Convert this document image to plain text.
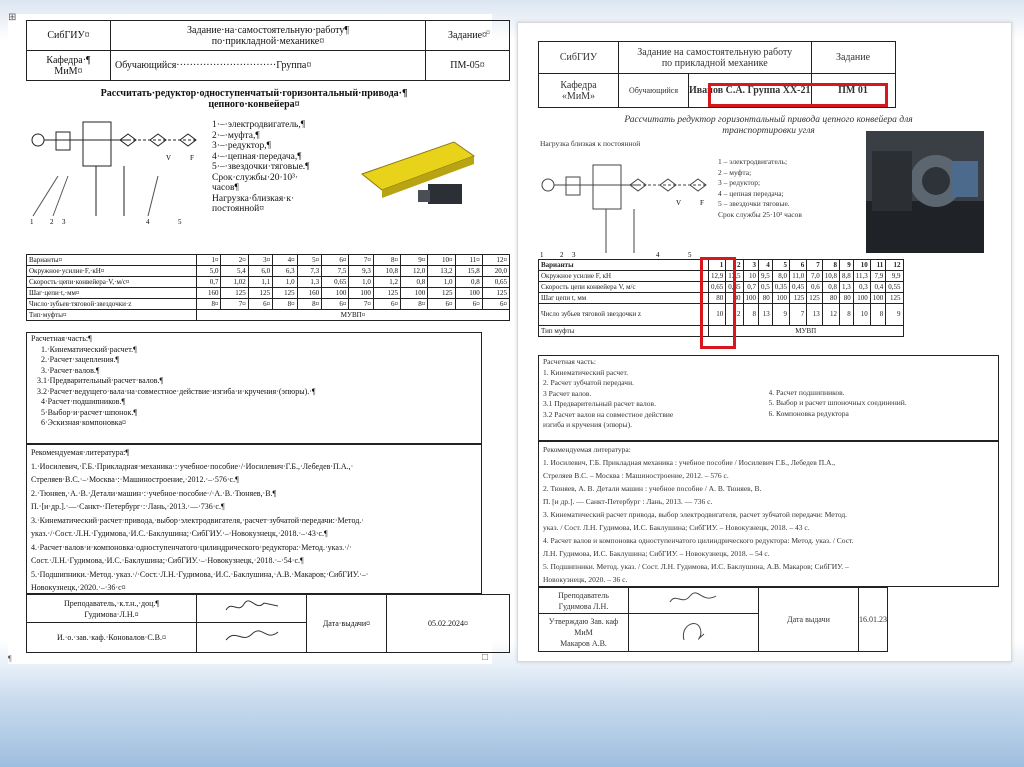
⊞
СибГИУ¤	Задание·на·самостоятельную·работу¶
по·прикладной·механике¤	Задание¤

Кафедра·¶
МиМ¤	Обучающийся······························Группа¤	ПМ-05¤
Рассчитать·редуктор·одноступенчатый·горизонтальный·привода·¶
цепного·конвейера¤
1 2 3	4	5
V	F
1·–·электродвигатель,¶
2·–·муфта,¶
3·–·редуктор,¶
4·–·цепная·передача,¶
5·–·звездочки·тяговые.¶
Срок·службы·20·10³·
часов¶
Нагрузка·близкая·к·
постоянной¤
Варианты¤	1¤	2¤	3¤	4¤	5¤	6¤	7¤	8¤	9¤	10¤	11¤	12¤
Окружное·усилие·F,·кН¤	5,0	5,4	6,0	6,3	7,3	7,5	9,3	10,8	12,0	13,2	15,8	20,0
Скорость·цепи·конвейера·V,·м/с¤	0,7	1,02	1,1	1,0	1,3	0,65	1,0	1,2	0,8	1,0	0,8	0,65
Шаг·цепи·t,·мм¤	160	125	125	125	160	100	100	125	100	125	100	125
Число·зубьев·тяговой·звездочки·z	8¤	7¤	6¤	8¤	8¤	6¤	7¤	6¤	8¤	6¤	6¤	6¤
Тип·муфты¤	МУВП¤											
Расчетная·часть:¶
1.·Кинематический·расчет.¶
2.·Расчет·зацепления.¶
3.·Расчет·валов.¶
3.1·Предварительный·расчет·валов.¶
3.2·Расчет·ведущего·вала·на·совместное·действие·изгиба·и·кручения·(эпюры).·¶
4·Расчет·подшипников.¶
5·Выбор·и·расчет·шпонок.¶
6·Эскизная·компоновка¤
Рекомендуемая·литература:¶
1.·Иосилевич,·Г.Б.·Прикладная·механика·:·учебное·пособие·/·Иосилевич·Г.Б.,·Лебедев·П.А.,·
Стреляев·В.С.·–·Москва·:·Машиностроение,·2012.·–·576·с.¶
2.·Тюняев,·А.·В.·Детали·машин·:·учебное·пособие·/·А.·В.·Тюняев,·В.¶
П.·[и·др.].·—·Санкт-·Петербург·:·Лань,·2013.·—·736·с.¶
3.·Кинематический·расчет·привода,·выбор·электродвигателя,·расчет·зубчатой·передачи:·Метод.·
указ.·/·Сост.·Л.Н.·Гудимова,·И.С.·Баклушина;·СибГИУ.·–·Новокузнецк,·2018.·–·43·с.¶
4.·Расчет·валов·и·компоновка·одноступенчатого·цилиндрического·редуктора:·Метод.·указ.·/·
Сост.·Л.Н.·Гудимова,·И.С.·Баклушина;·СибГИУ.·–·Новокузнецк,·2018.·–·54·с.¶
5.·Подшипники.·Метод.·указ.·/·Сост.·Л.Н.·Гудимова,·И.С.·Баклушина,·А.В.·Макаров;·СибГИУ.·–·
Новокузнецк,·2020.·–·36·с¤
Преподаватель,·к.т.н.,·доц.¶
Гудимова·Л.Н.¤		Дата·выдачи¤	05.02.2024¤
И.·о.·зав.·каф.·Коновалов·С.В.¤	
¤
¶	□
СибГИУ	Задание на самостоятельную работу
по прикладной механике		Задание

Кафедра
«МиМ»	Обучающийся	Иванов С.А. Группа ХХ-21	ПМ 01
Рассчитать редуктор горизонтальный привода цепного конвейера для
транспортировки угля
Нагрузка близкая к постоянной
1 2 3	4	5
V	F
1 – электродвигатель;
2 – муфта;
3 – редуктор;
4 – цепная передача;
5 – звездочки тяговые.
Срок службы 25·10³ часов
Варианты	1	2	3	4	5	6	7	8	9	10	11	12
Окружное усилие F, кН	12,9	13,5	10	9,5	8,0	11,0	7,0	10,8	8,8	11,3	7,9	9,9
Скорость цепи конвейера V, м/с	0,65	0,35	0,7	0,5	0,35	0,45	0,6	0,8	1,3	0,3	0,4	0,55
Шаг цепи t, мм	80	80	100	80	100	125	125	80	80	100	100	125
Число зубьев тяговой звездочки z	10	12	8	13	9	7	13	12	8	10	8	9
Тип муфты	МУВП											
Расчетная часть:
1. Кинематический расчет.
2. Расчет зубчатой передачи.
3 Расчет валов.
3.1 Предварительный расчет валов.
3.2 Расчет валов на совместное действие
изгиба и кручения (эпюры).
4. Расчет подшипников.
5. Выбор и расчет шпоночных соединений.
6. Компоновка редуктора
Рекомендуемая литература:
1. Иосилевич, Г.Б. Прикладная механика : учебное пособие / Иосилевич Г.Б., Лебедев П.А.,
Стреляев В.С. – Москва : Машиностроение, 2012. – 576 с.
2. Тюняев, А. В. Детали машин : учебное пособие / А. В. Тюняев, В.
П. [и др.]. — Санкт-Петербург : Лань, 2013. — 736 с.
3. Кинематический расчет привода, выбор электродвигателя, расчет зубчатой передачи: Метод.
указ. / Сост. Л.Н. Гудимова, И.С. Баклушина; СибГИУ. – Новокузнецк, 2018. – 43 с.
4. Расчет валов и компоновка одноступенчатого цилиндрического редуктора: Метод. указ. / Сост.
Л.Н. Гудимова, И.С. Баклушина; СибГИУ. – Новокузнецк, 2018. – 54 с.
5. Подшипники. Метод. указ. / Сост. Л.Н. Гудимова, И.С. Баклушина, А.В. Макаров; СибГИУ. –
Новокузнецк, 2020. – 36 с.
Преподаватель
Гудимова Л.Н.		Дата выдачи	16.01.23

Утверждаю Зав. каф
МиМ
Макаров А.В.
